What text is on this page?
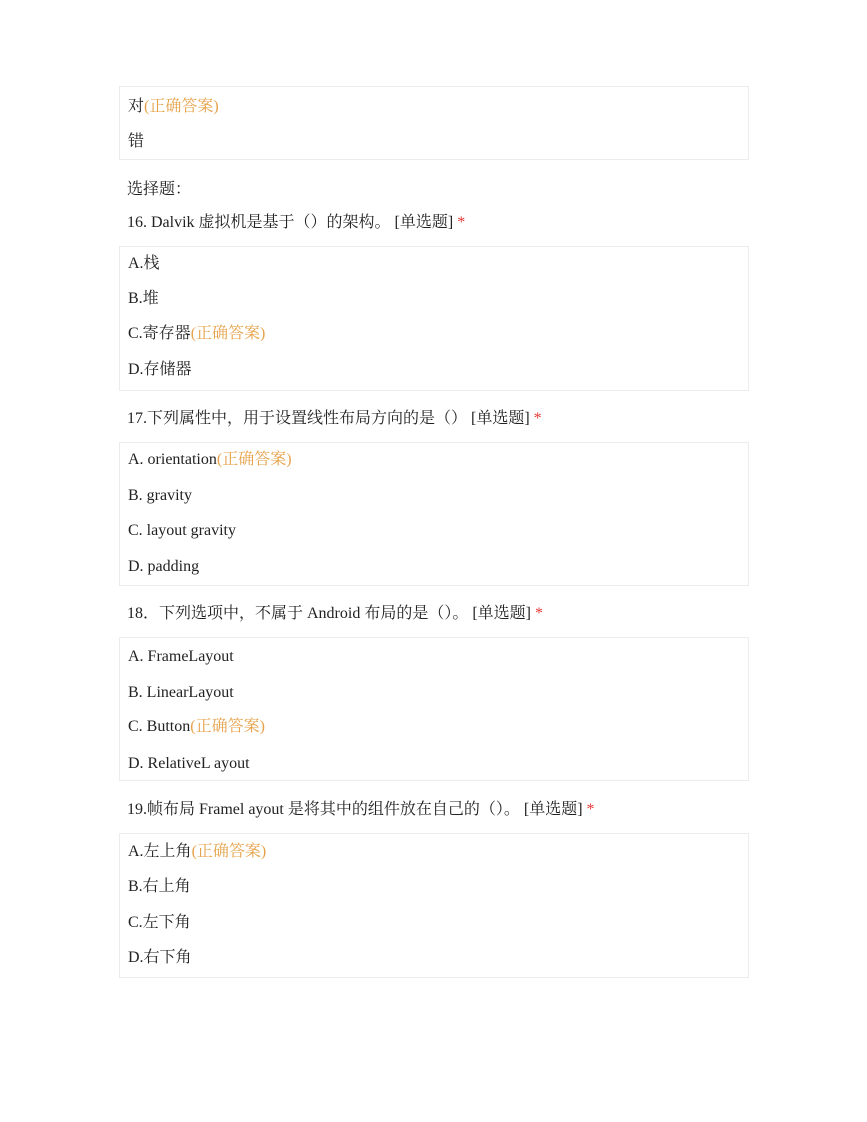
对(正确答案)
错
选择题：
16. Dalvik 虚拟机是基于（）的架构。 [单选题] *
A.栈
B.堆
C.寄存器(正确答案)
D.存储器
17.下列属性中，用于设置线性布局方向的是（） [单选题] *
A. orientation(正确答案)
B. gravity
C. layout gravity
D. padding
18．下列选项中，不属于 Android 布局的是（）。 [单选题] *
A. FrameLayout
B. LinearLayout
C. Button(正确答案)
D. RelativeL ayout
19.帧布局 Framel ayout 是将其中的组件放在自己的（）。 [单选题] *
A.左上角(正确答案)
B.右上角
C.左下角
D.右下角
